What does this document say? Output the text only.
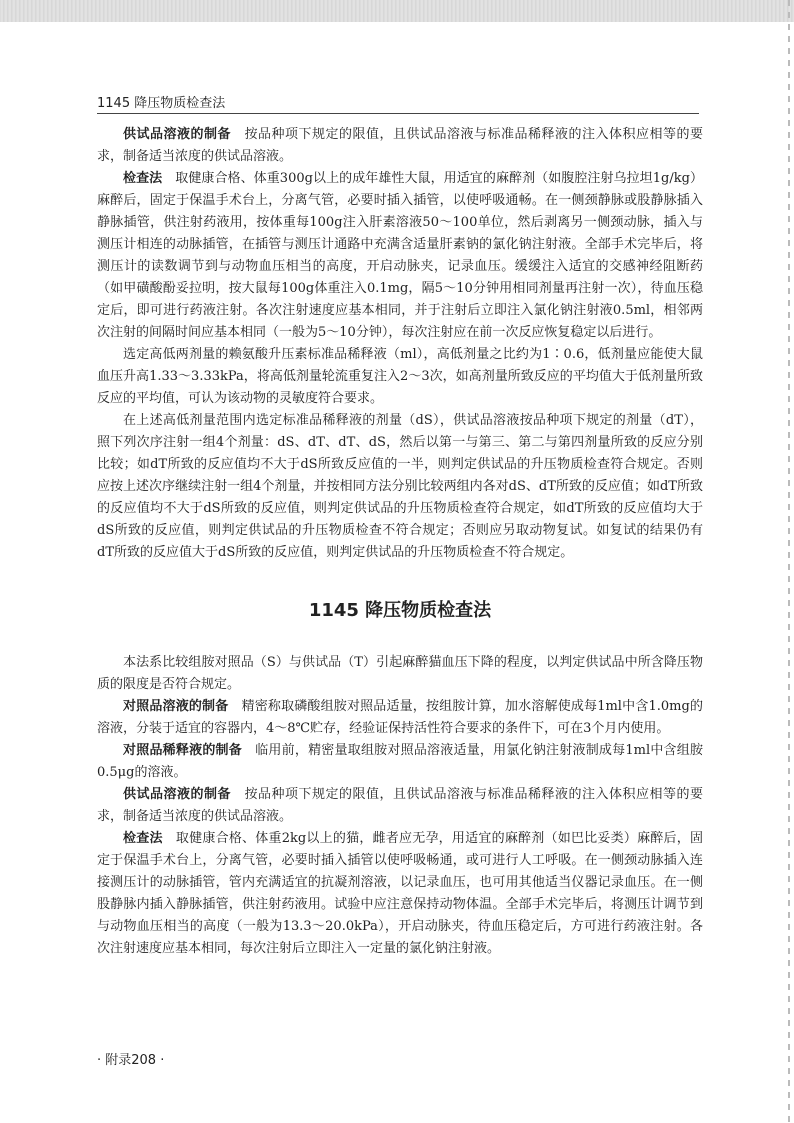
1145 降压物质检查法

供试品溶液的制备 按品种项下规定的限值，且供试品溶液与标准品稀释液的注入体积应相等的要求，制备适当浓度的供试品溶液。

检查法 取健康合格、体重300g以上的成年雄性大鼠，用适宜的麻醉剂（如腹腔注射乌拉坦1g/kg）麻醉后，固定于保温手术台上，分离气管，必要时插入插管，以使呼吸通畅。在一侧颈静脉或股静脉插入静脉插管，供注射药液用，按体重每100g注入肝素溶液50～100单位，然后剥离另一侧颈动脉，插入与测压计相连的动脉插管，在插管与测压计通路中充满含适量肝素钠的氯化钠注射液。全部手术完毕后，将测压计的读数调节到与动物血压相当的高度，开启动脉夹，记录血压。缓缓注入适宜的交感神经阻断药（如甲磺酸酚妥拉明，按大鼠每100g体重注入0.1mg，隔5～10分钟用相同剂量再注射一次），待血压稳定后，即可进行药液注射。各次注射速度应基本相同，并于注射后立即注入氯化钠注射液0.5ml，相邻两次注射的间隔时间应基本相同（一般为5～10分钟），每次注射应在前一次反应恢复稳定以后进行。

选定高低两剂量的赖氨酸升压素标准品稀释液（ml），高低剂量之比约为1∶0.6，低剂量应能使大鼠血压升高1.33～3.33kPa，将高低剂量轮流重复注入2～3次，如高剂量所致反应的平均值大于低剂量所致反应的平均值，可认为该动物的灵敏度符合要求。

在上述高低剂量范围内选定标准品稀释液的剂量（dS），供试品溶液按品种项下规定的剂量（dT），照下列次序注射一组4个剂量：dS、dT、dT、dS，然后以第一与第三、第二与第四剂量所致的反应分别比较；如dT所致的反应值均不大于dS所致反应值的一半，则判定供试品的升压物质检查符合规定。否则应按上述次序继续注射一组4个剂量，并按相同方法分别比较两组内各对dS、dT所致的反应值；如dT所致的反应值均不大于dS所致的反应值，则判定供试品的升压物质检查符合规定，如dT所致的反应值均大于dS所致的反应值，则判定供试品的升压物质检查不符合规定；否则应另取动物复试。如复试的结果仍有dT所致的反应值大于dS所致的反应值，则判定供试品的升压物质检查不符合规定。

1145 降压物质检查法

本法系比较组胺对照品（S）与供试品（T）引起麻醉猫血压下降的程度，以判定供试品中所含降压物质的限度是否符合规定。

对照品溶液的制备 精密称取磷酸组胺对照品适量，按组胺计算，加水溶解使成每1ml中含1.0mg的溶液，分装于适宜的容器内，4～8℃贮存，经验证保持活性符合要求的条件下，可在3个月内使用。

对照品稀释液的制备 临用前，精密量取组胺对照品溶液适量，用氯化钠注射液制成每1ml中含组胺0.5μg的溶液。

供试品溶液的制备 按品种项下规定的限值，且供试品溶液与标准品稀释液的注入体积应相等的要求，制备适当浓度的供试品溶液。

检查法 取健康合格、体重2kg以上的猫，雌者应无孕，用适宜的麻醉剂（如巴比妥类）麻醉后，固定于保温手术台上，分离气管，必要时插入插管以使呼吸畅通，或可进行人工呼吸。在一侧颈动脉插入连接测压计的动脉插管，管内充满适宜的抗凝剂溶液，以记录血压，也可用其他适当仪器记录血压。在一侧股静脉内插入静脉插管，供注射药液用。试验中应注意保持动物体温。全部手术完毕后，将测压计调节到与动物血压相当的高度（一般为13.3～20.0kPa），开启动脉夹，待血压稳定后，方可进行药液注射。各次注射速度应基本相同，每次注射后立即注入一定量的氯化钠注射液。

· 附录208 ·
